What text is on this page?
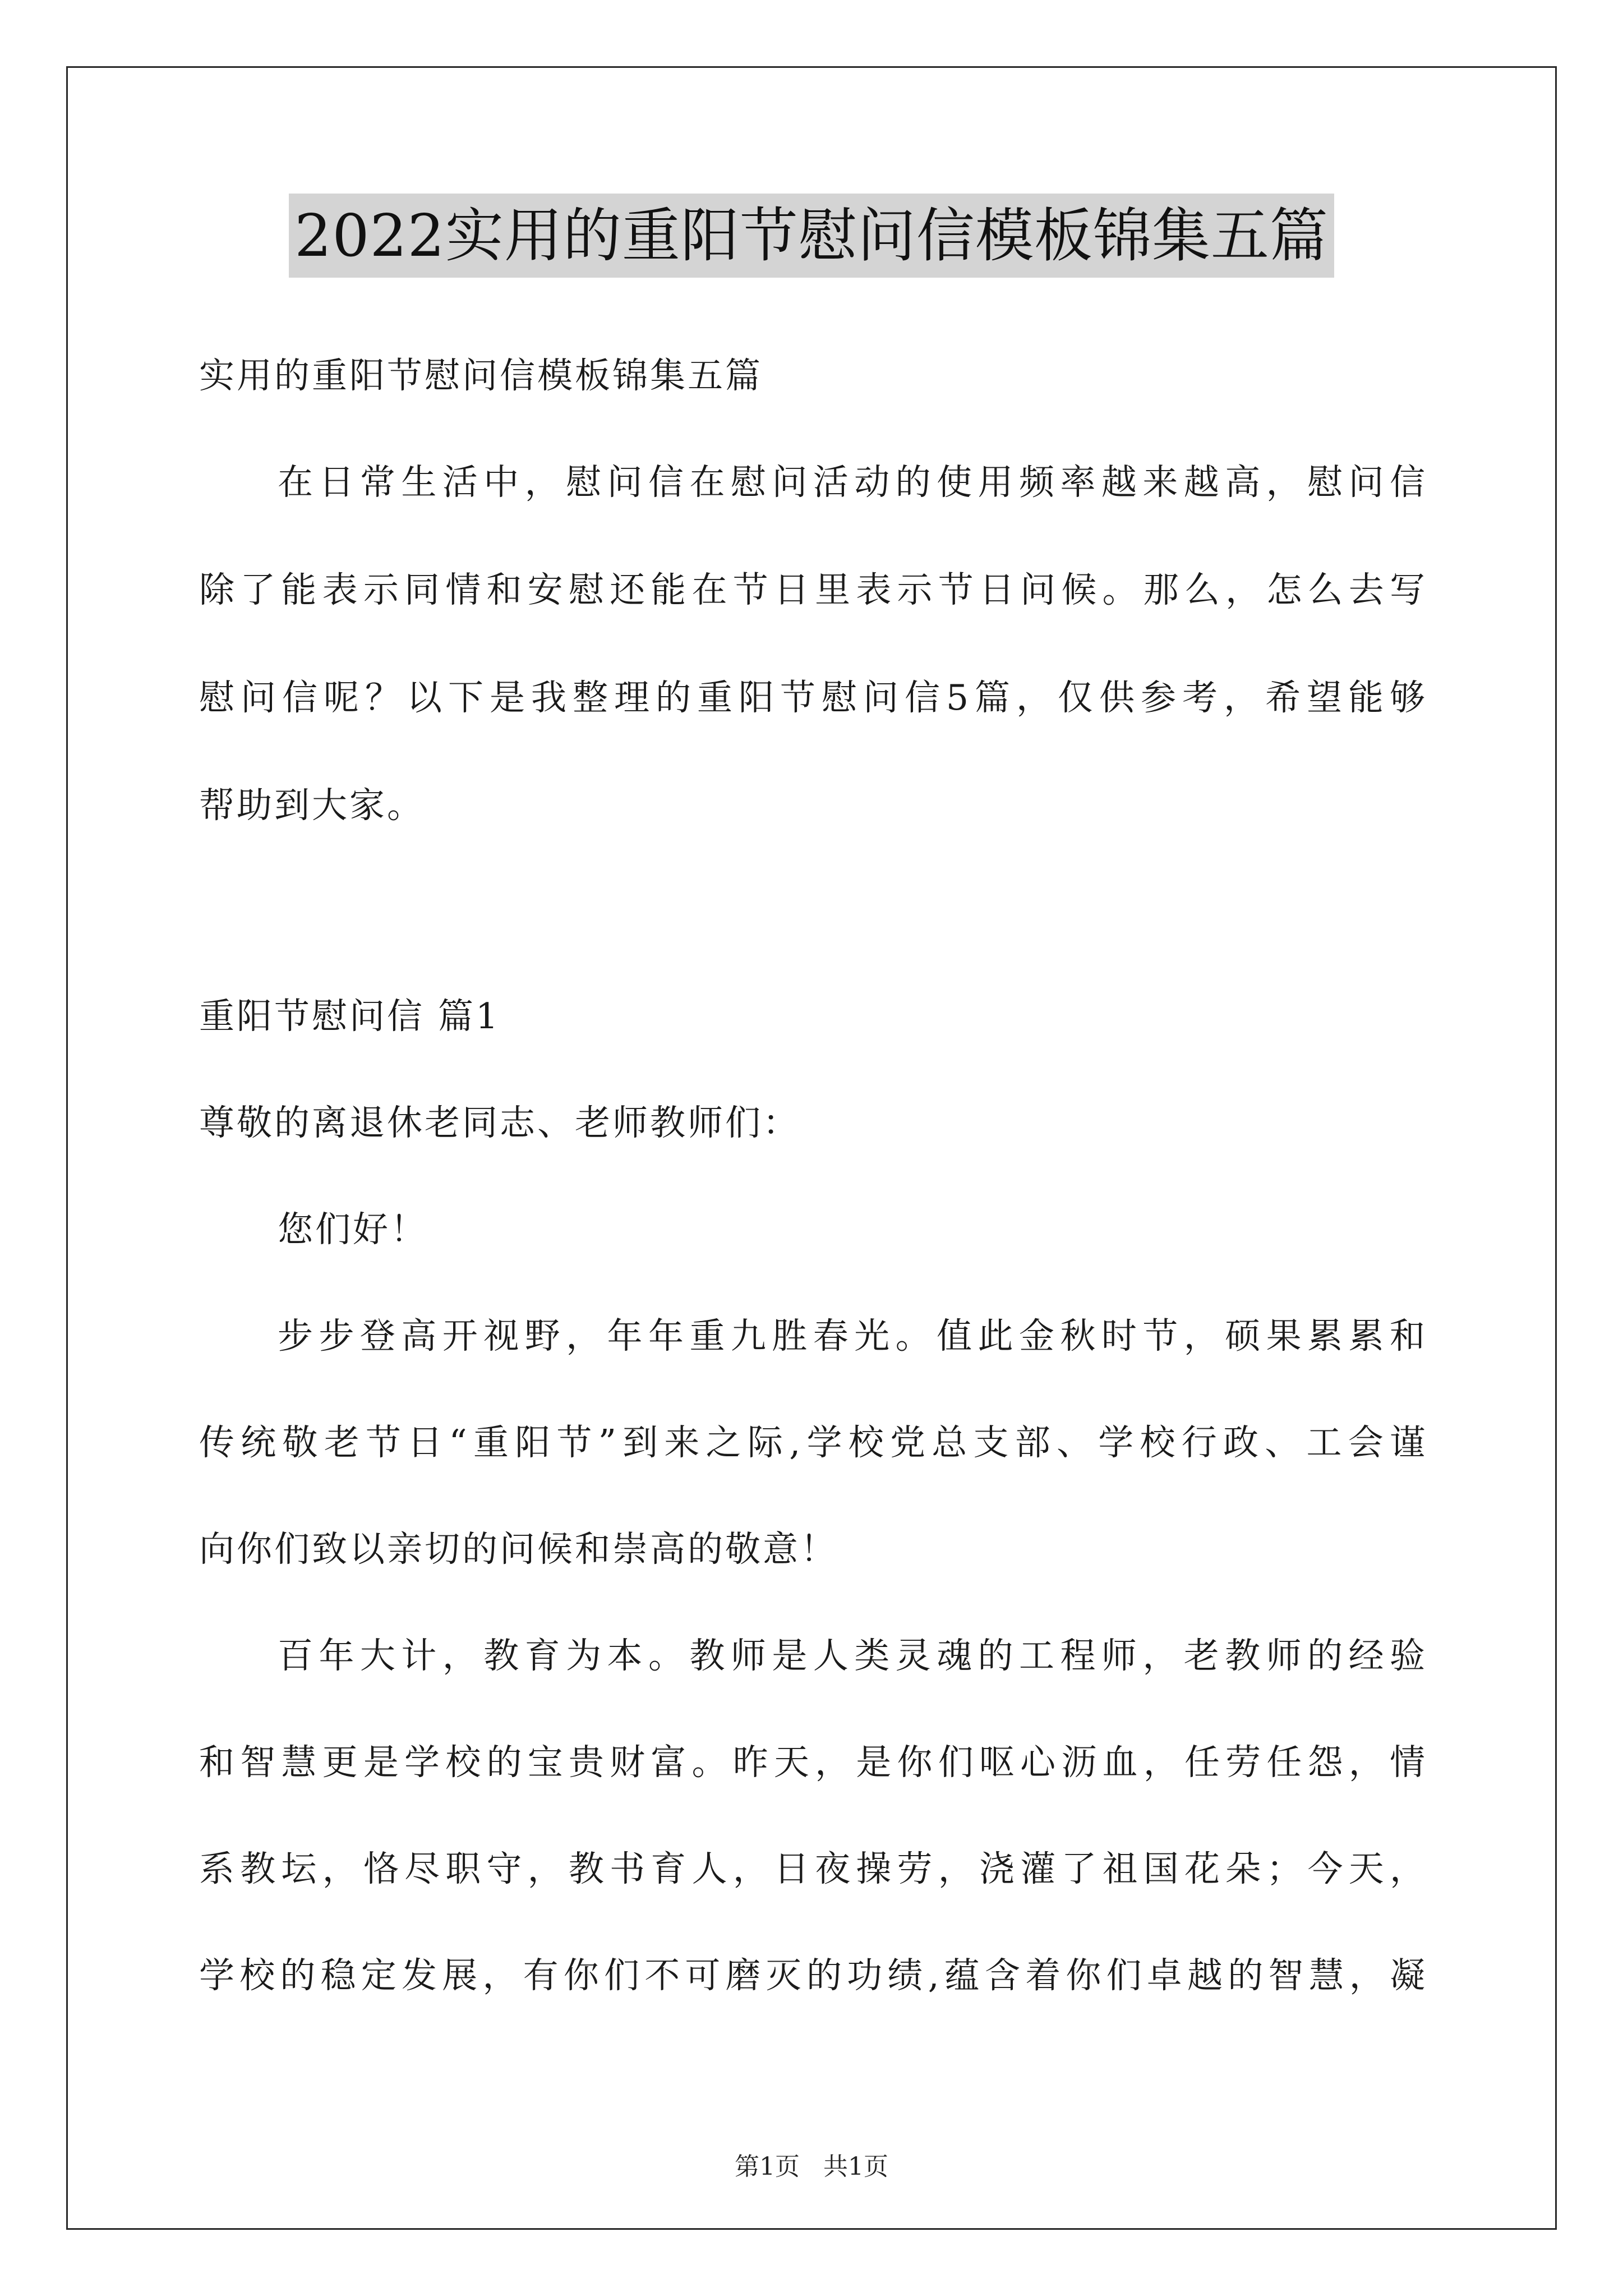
2022实用的重阳节慰问信模板锦集五篇
实用的重阳节慰问信模板锦集五篇
在日常生活中，慰问信在慰问活动的使用频率越来越高，慰问信
除了能表示同情和安慰还能在节日里表示节日问候。那么，怎么去写
慰问信呢？以下是我整理的重阳节慰问信5篇，仅供参考，希望能够
帮助到大家。
重阳节慰问信 篇1
尊敬的离退休老同志、老师教师们：
您们好！
步步登高开视野，年年重九胜春光。值此金秋时节，硕果累累和
传统敬老节日“重阳节”到来之际,学校党总支部、学校行政、工会谨
向你们致以亲切的问候和崇高的敬意！
百年大计，教育为本。教师是人类灵魂的工程师，老教师的经验
和智慧更是学校的宝贵财富。昨天，是你们呕心沥血，任劳任怨，情
系教坛，恪尽职守，教书育人，日夜操劳，浇灌了祖国花朵；今天，
学校的稳定发展，有你们不可磨灭的功绩,蕴含着你们卓越的智慧，凝
第1页   共1页
